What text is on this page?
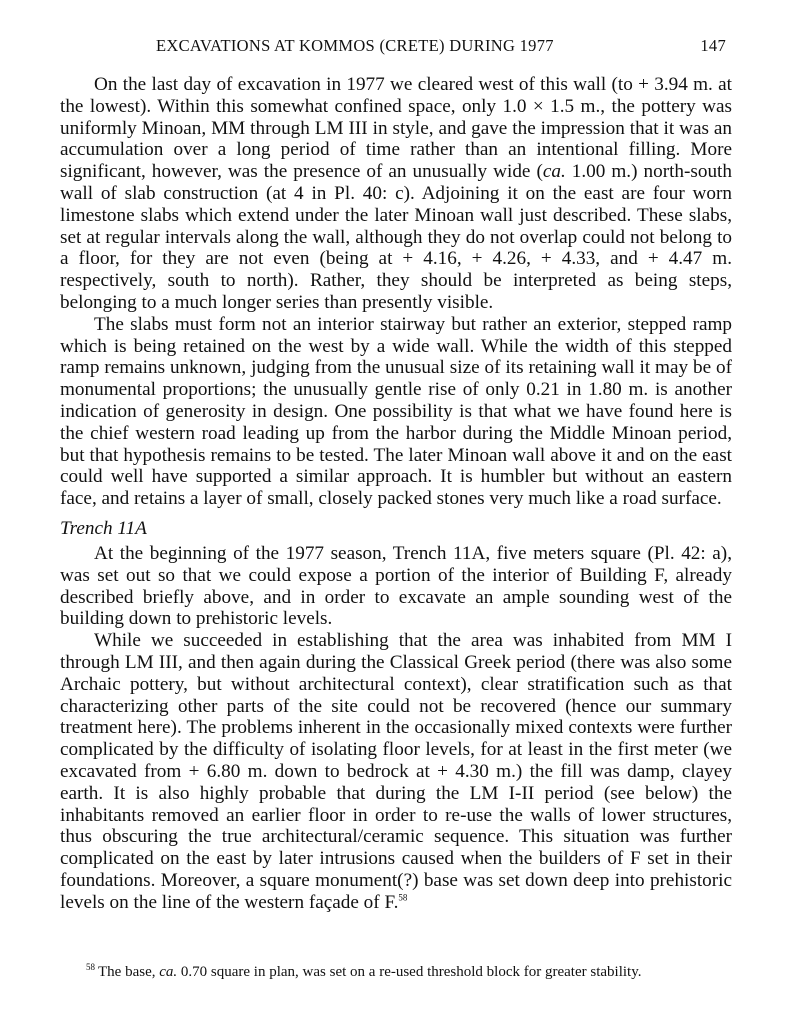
EXCAVATIONS AT KOMMOS (CRETE) DURING 1977	147

On the last day of excavation in 1977 we cleared west of this wall (to + 3.94 m. at the lowest). Within this somewhat confined space, only 1.0 × 1.5 m., the pottery was uniformly Minoan, MM through LM III in style, and gave the impression that it was an accumulation over a long period of time rather than an intentional filling. More significant, however, was the presence of an unusually wide (ca. 1.00 m.) north-south wall of slab construction (at 4 in Pl. 40: c). Adjoining it on the east are four worn limestone slabs which extend under the later Minoan wall just described. These slabs, set at regular intervals along the wall, although they do not overlap could not belong to a floor, for they are not even (being at + 4.16, + 4.26, + 4.33, and + 4.47 m. respectively, south to north). Rather, they should be interpreted as being steps, belonging to a much longer series than presently visible.

The slabs must form not an interior stairway but rather an exterior, stepped ramp which is being retained on the west by a wide wall. While the width of this stepped ramp remains unknown, judging from the unusual size of its retaining wall it may be of monumental proportions; the unusually gentle rise of only 0.21 in 1.80 m. is another indication of generosity in design. One possibility is that what we have found here is the chief western road leading up from the harbor during the Middle Minoan period, but that hypothesis remains to be tested. The later Minoan wall above it and on the east could well have supported a similar approach. It is humbler but without an eastern face, and retains a layer of small, closely packed stones very much like a road surface.

Trench 11A

At the beginning of the 1977 season, Trench 11A, five meters square (Pl. 42: a), was set out so that we could expose a portion of the interior of Building F, already described briefly above, and in order to excavate an ample sounding west of the building down to prehistoric levels.

While we succeeded in establishing that the area was inhabited from MM I through LM III, and then again during the Classical Greek period (there was also some Archaic pottery, but without architectural context), clear stratification such as that characterizing other parts of the site could not be recovered (hence our summary treatment here). The problems inherent in the occasionally mixed contexts were further complicated by the difficulty of isolating floor levels, for at least in the first meter (we excavated from + 6.80 m. down to bedrock at + 4.30 m.) the fill was damp, clayey earth. It is also highly probable that during the LM I-II period (see below) the inhabitants removed an earlier floor in order to re-use the walls of lower structures, thus obscuring the true architectural/ceramic sequence. This situation was further complicated on the east by later intrusions caused when the builders of F set in their foundations. Moreover, a square monument(?) base was set down deep into prehistoric levels on the line of the western façade of F.$^{58}$

$^{58}$ The base, ca. 0.70 square in plan, was set on a re-used threshold block for greater stability.
